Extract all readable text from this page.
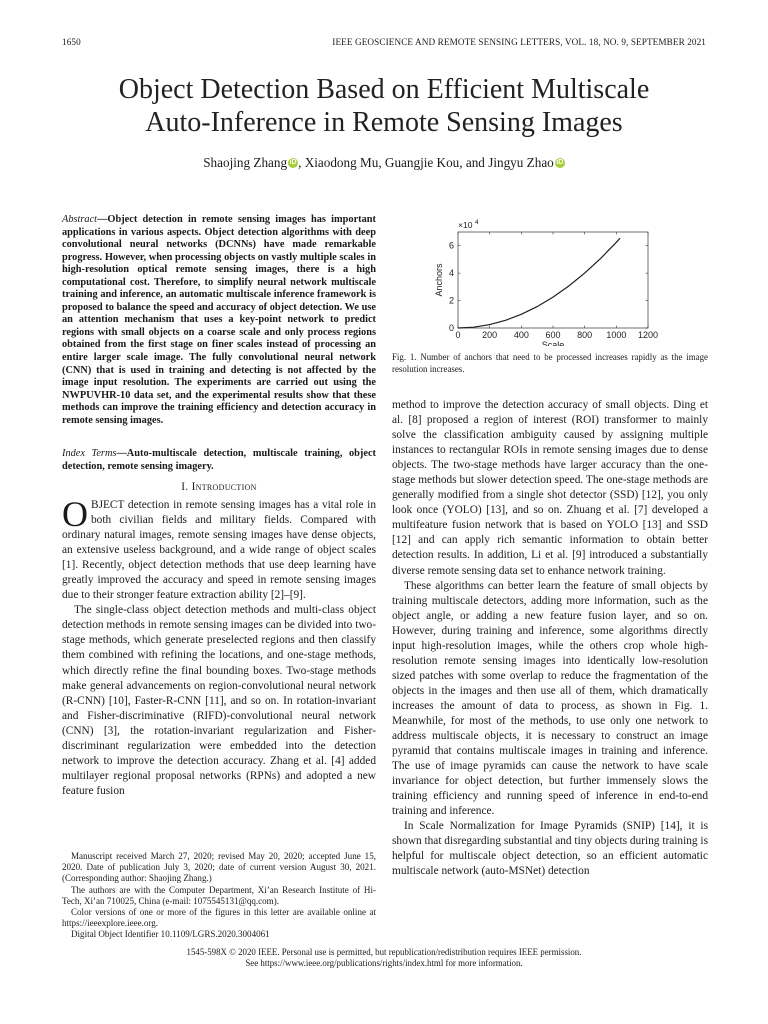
1650	IEEE GEOSCIENCE AND REMOTE SENSING LETTERS, VOL. 18, NO. 9, SEPTEMBER 2021
Object Detection Based on Efficient Multiscale
Auto-Inference in Remote Sensing Images
Shaojing Zhang iD , Xiaodong Mu, Guangjie Kou, and Jingyu Zhao iD
Abstract—Object detection in remote sensing images has important applications in various aspects. Object detection algorithms with deep convolutional neural networks (DCNNs) have made remarkable progress. However, when processing objects on vastly multiple scales in high-resolution optical remote sensing images, there is a high computational cost. Therefore, to simplify neural network multiscale training and inference, an automatic multiscale inference framework is proposed to balance the speed and accuracy of object detection. We use an attention mechanism that uses a key-point network to predict regions with small objects on a coarse scale and only process regions obtained from the first stage on finer scales instead of processing an entire larger scale image. The fully convolutional neural network (CNN) that is used in training and detecting is not affected by the image input resolution. The experiments are carried out using the NWPUVHR-10 data set, and the experimental results show that these methods can improve the training efficiency and detection accuracy in remote sensing images.
Index Terms—Auto-multiscale detection, multiscale training, object detection, remote sensing imagery.
I. Introduction

OBJECT detection in remote sensing images has a vital role in both civilian fields and military fields. Compared with ordinary natural images, remote sensing images have dense objects, an extensive useless background, and a wide range of object scales [1]. Recently, object detection methods that use deep learning have greatly improved the accuracy and speed in remote sensing images due to their stronger feature extraction ability [2]–[9].

The single-class object detection methods and multi-class object detection methods in remote sensing images can be divided into two-stage methods, which generate preselected regions and then classify them combined with refining the locations, and one-stage methods, which directly refine the final bounding boxes. Two-stage methods make general advancements on region-convolutional neural network (R-CNN) [10], Faster-R-CNN [11], and so on. In rotation-invariant and Fisher-discriminative (RIFD)-convolutional neural network (CNN) [3], the rotation-invariant regularization and Fisher-discriminant regularization were embedded into the detection network to improve the detection accuracy. Zhang et al. [4] added multilayer regional proposal networks (RPNs) and adopted a new feature fusion

Manuscript received March 27, 2020; revised May 20, 2020; accepted June 15, 2020. Date of publication July 3, 2020; date of current version August 30, 2021. (Corresponding author: Shaojing Zhang.)

The authors are with the Computer Department, Xi’an Research Institute of Hi-Tech, Xi’an 710025, China (e-mail: 1075545131@qq.com).

Color versions of one or more of the figures in this letter are available online at https://ieeexplore.ieee.org.

Digital Object Identifier 10.1109/LGRS.2020.3004061

0 200 400 600 800 1000 1200
0
2
4
6
Scale
Anchors
×10 4
Fig. 1. Number of anchors that need to be processed increases rapidly as the image resolution increases.

method to improve the detection accuracy of small objects. Ding et al. [8] proposed a region of interest (ROI) transformer to mainly solve the classification ambiguity caused by assigning multiple instances to rectangular ROIs in remote sensing images due to dense objects. The two-stage methods have larger accuracy than the one-stage methods but slower detection speed. The one-stage methods are generally modified from a single shot detector (SSD) [12], you only look once (YOLO) [13], and so on. Zhuang et al. [7] developed a multifeature fusion network that is based on YOLO [13] and SSD [12] and can apply rich semantic information to obtain better detection results. In addition, Li et al. [9] introduced a substantially diverse remote sensing data set to enhance network training.

These algorithms can better learn the feature of small objects by training multiscale detectors, adding more information, such as the object angle, or adding a new feature fusion layer, and so on. However, during training and inference, some algorithms directly input high-resolution images, while the others crop whole high-resolution remote sensing images into identically low-resolution sized patches with some overlap to reduce the fragmentation of the objects in the images and then use all of them, which dramatically increases the amount of data to process, as shown in Fig. 1. Meanwhile, for most of the methods, to use only one network to address multiscale objects, it is necessary to construct an image pyramid that contains multiscale images in training and inference. The use of image pyramids can cause the network to have scale invariance for object detection, but further immensely slows the training efficiency and running speed of inference in end-to-end training and inference.

In Scale Normalization for Image Pyramids (SNIP) [14], it is shown that disregarding substantial and tiny objects during training is helpful for multiscale object detection, so an efficient automatic multiscale network (auto-MSNet) detection

1545-598X © 2020 IEEE. Personal use is permitted, but republication/redistribution requires IEEE permission.
See https://www.ieee.org/publications/rights/index.html for more information.
